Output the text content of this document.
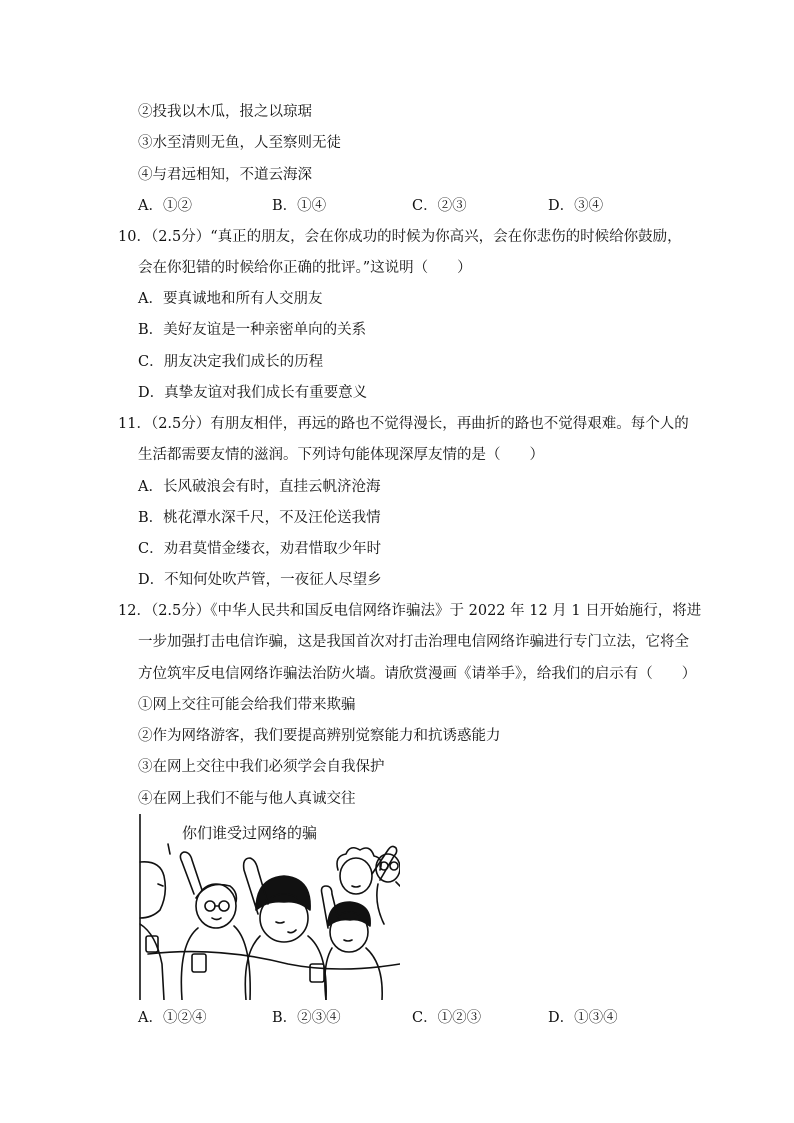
②投我以木瓜，报之以琼琚
③水至清则无鱼，人至察则无徒
④与君远相知，不道云海深
A．①②	B．①④	C．②③	D．③④
10．（2.5分）“真正的朋友，会在你成功的时候为你高兴，会在你悲伤的时候给你鼓励，
会在你犯错的时候给你正确的批评。”这说明（　　）
A．要真诚地和所有人交朋友
B．美好友谊是一种亲密单向的关系
C．朋友决定我们成长的历程
D．真挚友谊对我们成长有重要意义
11．（2.5分）有朋友相伴，再远的路也不觉得漫长，再曲折的路也不觉得艰难。每个人的
生活都需要友情的滋润。下列诗句能体现深厚友情的是（　　）
A．长风破浪会有时，直挂云帆济沧海
B．桃花潭水深千尺，不及汪伦送我情
C．劝君莫惜金缕衣，劝君惜取少年时
D．不知何处吹芦管，一夜征人尽望乡
12．（2.5分）《中华人民共和国反电信网络诈骗法》于 2022 年 12 月 1 日开始施行，将进
一步加强打击电信诈骗，这是我国首次对打击治理电信网络诈骗进行专门立法，它将全
方位筑牢反电信网络诈骗法治防火墙。请欣赏漫画《请举手》，给我们的启示有（　　）
①网上交往可能会给我们带来欺骗
②作为网络游客，我们要提高辨别觉察能力和抗诱惑能力
③在网上交往中我们必须学会自我保护
④在网上我们不能与他人真诚交往
你们谁受过网络的骗
A．①②④	B．②③④	C．①②③	D．①③④
